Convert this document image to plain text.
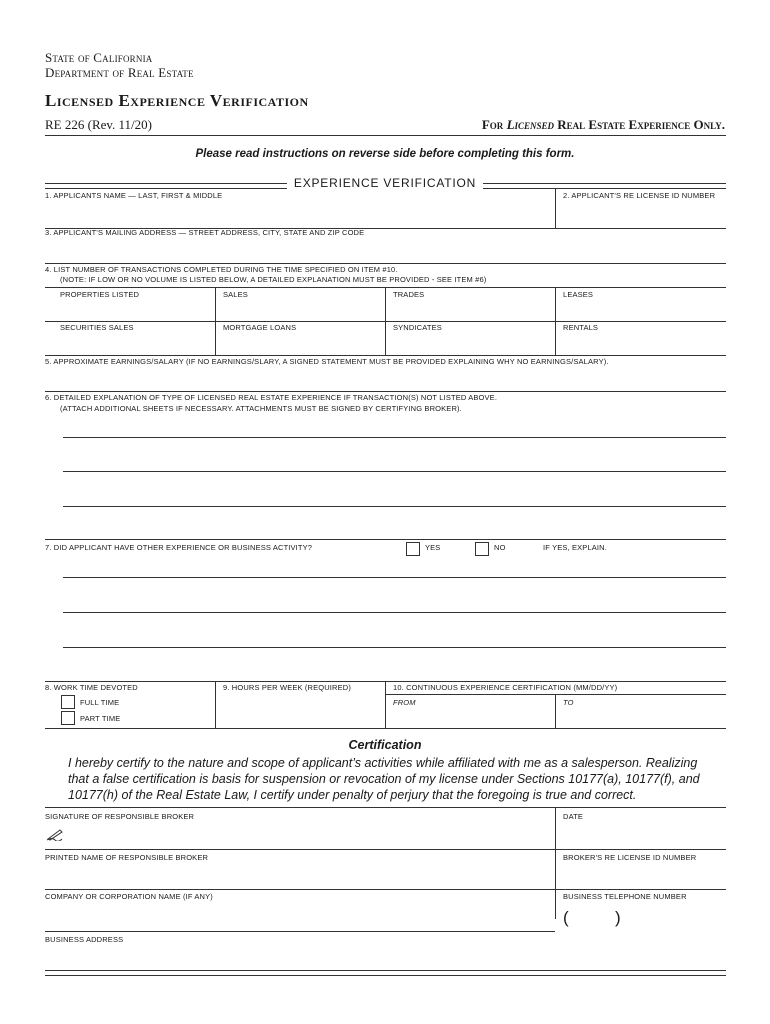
State of California
Department of Real Estate
Licensed Experience Verification
RE 226 (Rev. 11/20)	For Licensed Real Estate Experience Only.
Please read instructions on reverse side before completing this form.
EXPERIENCE VERIFICATION
1. APPLICANTS NAME — LAST, FIRST & MIDDLE	2. APPLICANT'S RE LICENSE ID NUMBER
3. APPLICANT'S MAILING ADDRESS — STREET ADDRESS, CITY, STATE AND ZIP CODE
4. LIST NUMBER OF TRANSACTIONS COMPLETED DURING THE TIME SPECIFIED ON ITEM #10.
(NOTE: IF LOW OR NO VOLUME IS LISTED BELOW, A DETAILED EXPLANATION MUST BE PROVIDED - SEE ITEM #6)
PROPERTIES LISTED	SALES	TRADES	LEASES
SECURITIES SALES	MORTGAGE LOANS	SYNDICATES	RENTALS
5. APPROXIMATE EARNINGS/SALARY (IF NO EARNINGS/SLARY, A SIGNED STATEMENT MUST BE PROVIDED EXPLAINING WHY NO EARNINGS/SALARY).
6. DETAILED EXPLANATION OF TYPE OF LICENSED REAL ESTATE EXPERIENCE IF TRANSACTION(S) NOT LISTED ABOVE.
(ATTACH ADDITIONAL SHEETS IF NECESSARY. ATTACHMENTS MUST BE SIGNED BY CERTIFYING BROKER).
7. DID APPLICANT HAVE OTHER EXPERIENCE OR BUSINESS ACTIVITY?	YES	NO	IF YES, EXPLAIN.
8. WORK TIME DEVOTED
FULL TIME
PART TIME
9. HOURS PER WEEK (REQUIRED)	10. CONTINUOUS EXPERIENCE CERTIFICATION (MM/DD/YY)
FROM	TO
Certification
I hereby certify to the nature and scope of applicant’s activities while affiliated with me as a salesperson. Realizing
that a false certification is basis for suspension or revocation of my license under Sections 10177(a), 10177(f), and
10177(h) of the Real Estate Law, I certify under penalty of perjury that the foregoing is true and correct.
SIGNATURE OF RESPONSIBLE BROKER	DATE
PRINTED NAME OF RESPONSIBLE BROKER	BROKER'S RE LICENSE ID NUMBER
COMPANY OR CORPORATION NAME (IF ANY)	BUSINESS TELEPHONE NUMBER
(	)
BUSINESS ADDRESS
